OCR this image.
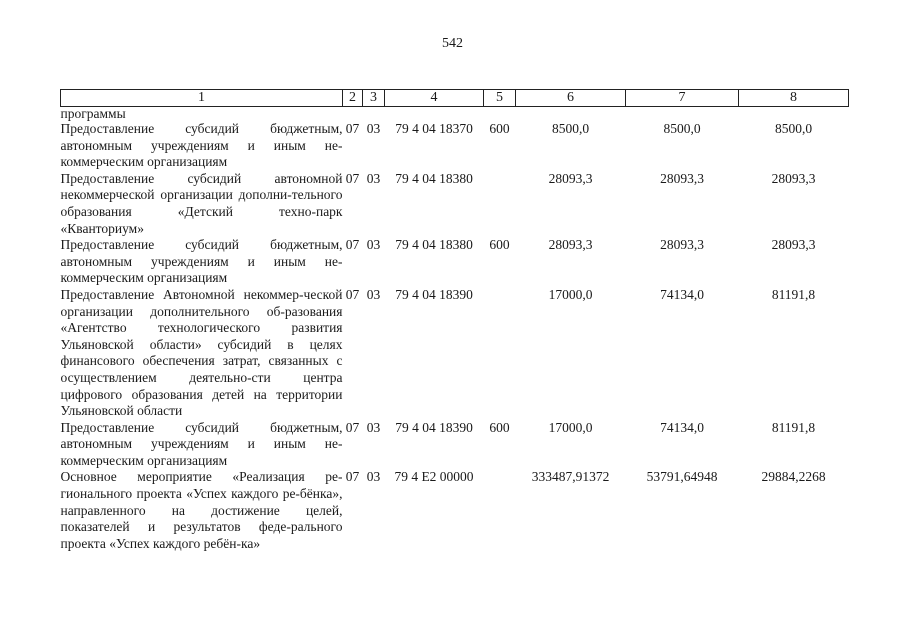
542
1	2	3	4	5	6	7	8
программы							
Предоставление субсидий бюджетным, автономным учреждениям и иным не-коммерческим организациям	07	03	79 4 04 18370	600	8500,0	8500,0	8500,0
Предоставление субсидий автономной некоммерческой организации дополни-тельного образования «Детский техно-парк «Кванториум»	07	03	79 4 04 18380		28093,3	28093,3	28093,3
Предоставление субсидий бюджетным, автономным учреждениям и иным не-коммерческим организациям	07	03	79 4 04 18380	600	28093,3	28093,3	28093,3
Предоставление Автономной некоммер-ческой организации дополнительного об-разования «Агентство технологического развития Ульяновской области» субсидий в целях финансового обеспечения затрат, связанных с осуществлением деятельно-сти центра цифрового образования детей на территории Ульяновской области	07	03	79 4 04 18390		17000,0	74134,0	81191,8
Предоставление субсидий бюджетным, автономным учреждениям и иным не-коммерческим организациям	07	03	79 4 04 18390	600	17000,0	74134,0	81191,8
Основное мероприятие «Реализация ре-гионального проекта «Успех каждого ре-бёнка», направленного на достижение целей, показателей и результатов феде-рального проекта «Успех каждого ребён-ка»	07	03	79 4 E2 00000		333487,91372	53791,64948	29884,2268
